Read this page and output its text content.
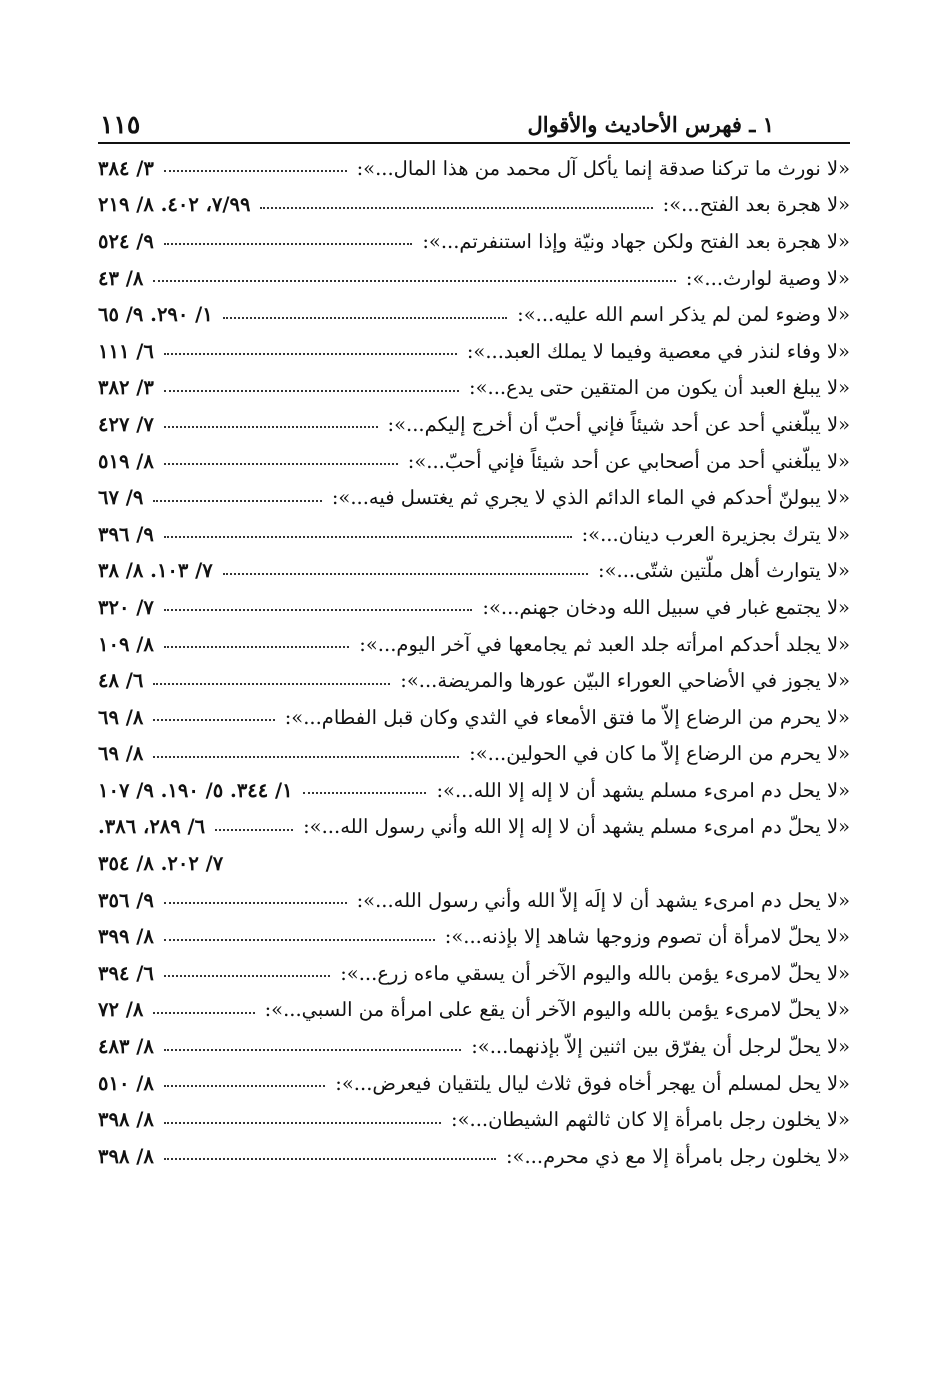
١١٥	١ ـ فهرس الأحاديث والأقوال
«لا نورث ما تركنا صدقة إنما يأكل آل محمد من هذا المال...»:
٣/ ٣٨٤
«لا هجرة بعد الفتح...»:
٧/٩٩، ٤٠٢. ٨/ ٢١٩
«لا هجرة بعد الفتح ولكن جهاد ونيّة وإذا استنفرتم...»:
٩/ ٥٢٤
«لا وصية لوارث...»:
٨/ ٤٣
«لا وضوء لمن لم يذكر اسم الله عليه...»:
١/ ٢٩٠. ٩/ ٦٥
«لا وفاء لنذر في معصية وفيما لا يملك العبد...»:
٦/ ١١١
«لا يبلغ العبد أن يكون من المتقين حتى يدع...»:
٣/ ٣٨٢
«لا يبلّغني أحد عن أحد شيئاً فإني أحبّ أن أخرج إليكم...»:
٧/ ٤٢٧
«لا يبلّغني أحد من أصحابي عن أحد شيئاً فإني أحبّ...»:
٨/ ٥١٩
«لا يبولنّ أحدكم في الماء الدائم الذي لا يجري ثم يغتسل فيه...»:
٩/ ٦٧
«لا يترك بجزيرة العرب دينان...»:
٩/ ٣٩٦
«لا يتوارث أهل ملّتين شتّى...»:
٧/ ١٠٣. ٨/ ٣٨
«لا يجتمع غبار في سبيل الله ودخان جهنم...»:
٧/ ٣٢٠
«لا يجلد أحدكم امرأته جلد العبد ثم يجامعها في آخر اليوم...»:
٨/ ١٠٩
«لا يجوز في الأضاحي العوراء البيّن عورها والمريضة...»:
٦/ ٤٨
«لا يحرم من الرضاع إلاّ ما فتق الأمعاء في الثدي وكان قبل الفطام...»:
٨/ ٦٩
«لا يحرم من الرضاع إلاّ ما كان في الحولين...»:
٨/ ٦٩
«لا يحل دم امرىء مسلم يشهد أن لا إله إلا الله...»:
١/ ٣٤٤. ٥/ ١٩٠. ٩/ ١٠٧
«لا يحلّ دم امرىء مسلم يشهد أن لا إله إلا الله وأني رسول الله...»:
٦/ ٢٨٩، ٣٨٦.
٧/ ٢٠٢. ٨/ ٣٥٤
«لا يحل دم امرىء يشهد أن لا إلَه إلاّ الله وأني رسول الله...»:
٩/ ٣٥٦
«لا يحلّ لامرأة أن تصوم وزوجها شاهد إلا بإذنه...»:
٨/ ٣٩٩
«لا يحلّ لامرىء يؤمن بالله واليوم الآخر أن يسقي ماءه زرع...»:
٦/ ٣٩٤
«لا يحلّ لامرىء يؤمن بالله واليوم الآخر أن يقع على امرأة من السبي...»:
٨/ ٧٢
«لا يحلّ لرجل أن يفرّق بين اثنين إلاّ بإذنهما...»:
٨/ ٤٨٣
«لا يحل لمسلم أن يهجر أخاه فوق ثلاث ليال يلتقيان فيعرض...»:
٨/ ٥١٠
«لا يخلون رجل بامرأة إلا كان ثالثهم الشيطان...»:
٨/ ٣٩٨
«لا يخلون رجل بامرأة إلا مع ذي محرم...»:
٨/ ٣٩٨
